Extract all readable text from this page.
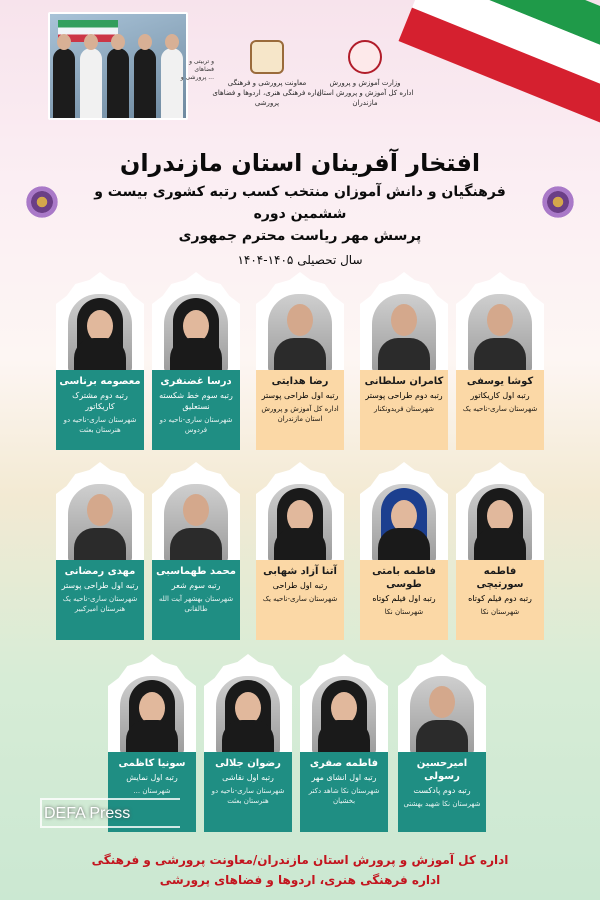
و تربیتی و فضاهای پرورشی و ...
معاونت پرورشی و فرهنگی
اداره فرهنگی هنری، اردوها و فضاهای پرورشی
وزارت آموزش و پرورش
اداره کل آموزش و پرورش استان مازندران
افتخار آفرینان استان مازندران
فرهنگیان و دانش آموزان منتخب کسب رتبه کشوری بیست و ششمین دوره
پرسش مهر ریاست محترم جمهوری
سال تحصیلی ۱۴۰۵-۱۴۰۴
کوشا یوسفی
رتبه اول کاریکاتور
شهرستان ساری-ناحیه یک
کامران سلطانی
رتبه دوم طراحی پوستر
شهرستان فریدونکنار
رضا هدایتی
رتبه اول طراحی پوستر
اداره کل آموزش و پرورش استان مازندران
درسا غضنفری
رتبه سوم خط شکسته نستعلیق
شهرستان ساری-ناحیه دو فردوس
معصومه برناسی
رتبه دوم مشترک کاریکاتور
شهرستان ساری-ناحیه دو هنرستان بعثت
فاطمه سورتیچی
رتبه دوم فیلم کوتاه
شهرستان نکا
فاطمه بامتی طوسی
رتبه اول فیلم کوتاه
شهرستان نکا
آتنا آزاد شهابی
رتبه اول طراحی
شهرستان ساری-ناحیه یک
محمد طهماسبی
رتبه سوم شعر
شهرستان بهشهر آیت الله طالقانی
مهدی رمضانی
رتبه اول طراحی پوستر
شهرستان ساری-ناحیه یک هنرستان امیرکبیر
امیرحسین رسولی
رتبه دوم پادکست
شهرستان نکا شهید بهشتی
فاطمه صفری
رتبه اول انشای مهر
شهرستان نکا شاهد دکتر بخشیان
رضوان جلالی
رتبه اول نقاشی
شهرستان ساری-ناحیه دو هنرستان بعثت
سونیا کاظمی
رتبه اول نمایش
شهرستان ...
DEFA Press
اداره کل آموزش و پرورش استان مازندران/معاونت پرورشی و فرهنگی
اداره فرهنگی هنری، اردوها و فضاهای پرورشی
